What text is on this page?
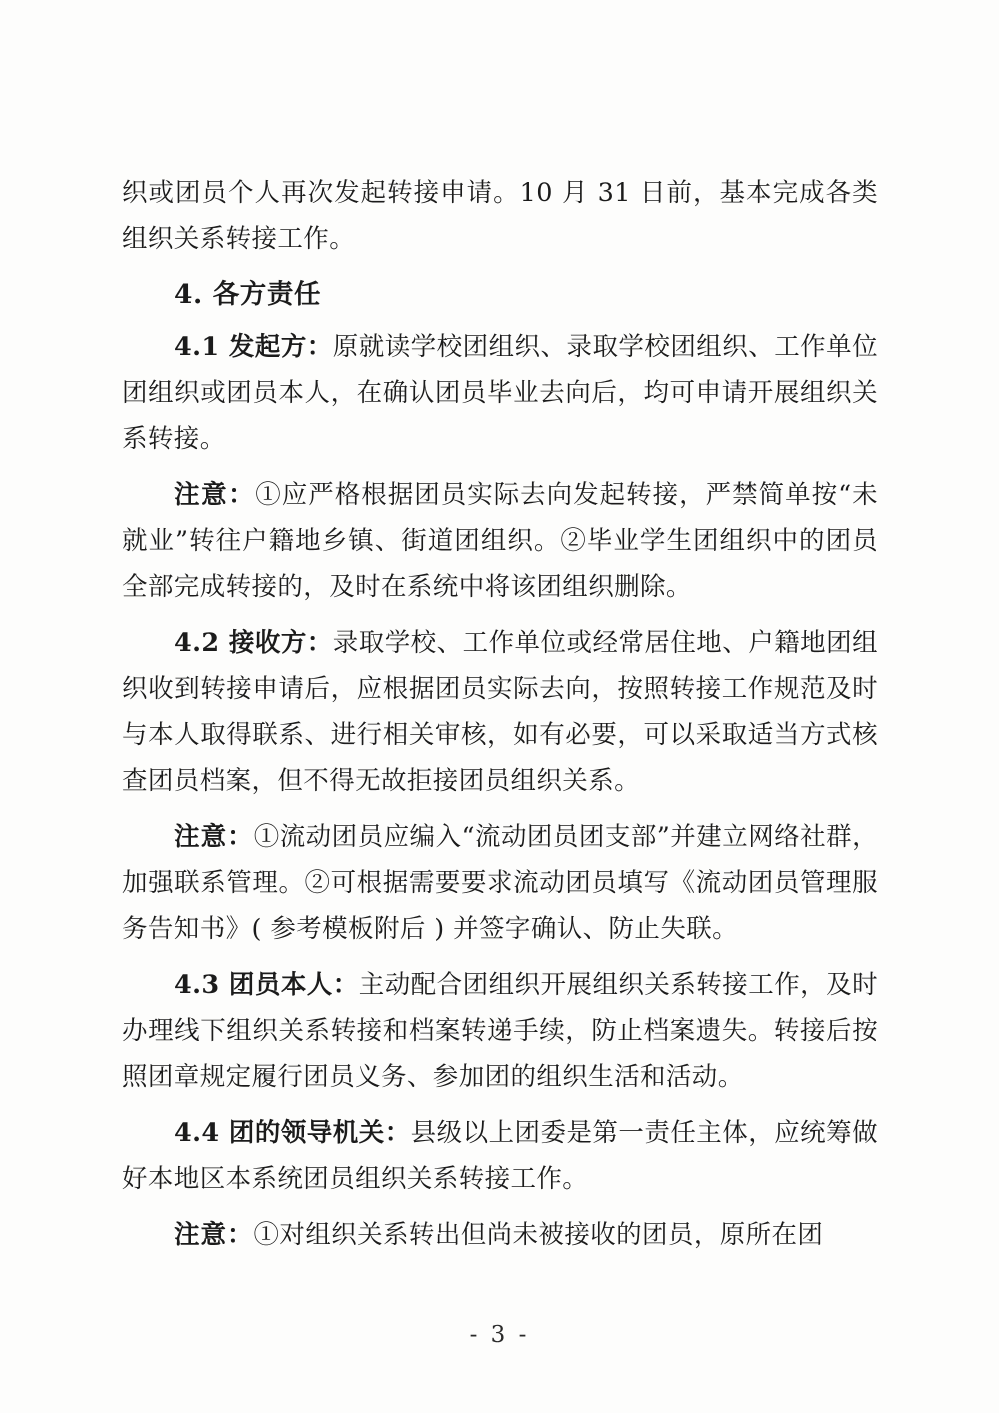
织或团员个人再次发起转接申请。10 月 31 日前，基本完成各类组织关系转接工作。

4. 各方责任

4.1 发起方：原就读学校团组织、录取学校团组织、工作单位团组织或团员本人，在确认团员毕业去向后，均可申请开展组织关系转接。

注意：①应严格根据团员实际去向发起转接，严禁简单按“未就业”转往户籍地乡镇、街道团组织。②毕业学生团组织中的团员全部完成转接的，及时在系统中将该团组织删除。

4.2 接收方：录取学校、工作单位或经常居住地、户籍地团组织收到转接申请后，应根据团员实际去向，按照转接工作规范及时与本人取得联系、进行相关审核，如有必要，可以采取适当方式核查团员档案，但不得无故拒接团员组织关系。

注意：①流动团员应编入“流动团员团支部”并建立网络社群，加强联系管理。②可根据需要要求流动团员填写《流动团员管理服务告知书》( 参考模板附后 ) 并签字确认、防止失联。

4.3 团员本人：主动配合团组织开展组织关系转接工作，及时办理线下组织关系转接和档案转递手续，防止档案遗失。转接后按照团章规定履行团员义务、参加团的组织生活和活动。

4.4 团的领导机关：县级以上团委是第一责任主体，应统筹做好本地区本系统团员组织关系转接工作。

注意：①对组织关系转出但尚未被接收的团员，原所在团

- 3 -
